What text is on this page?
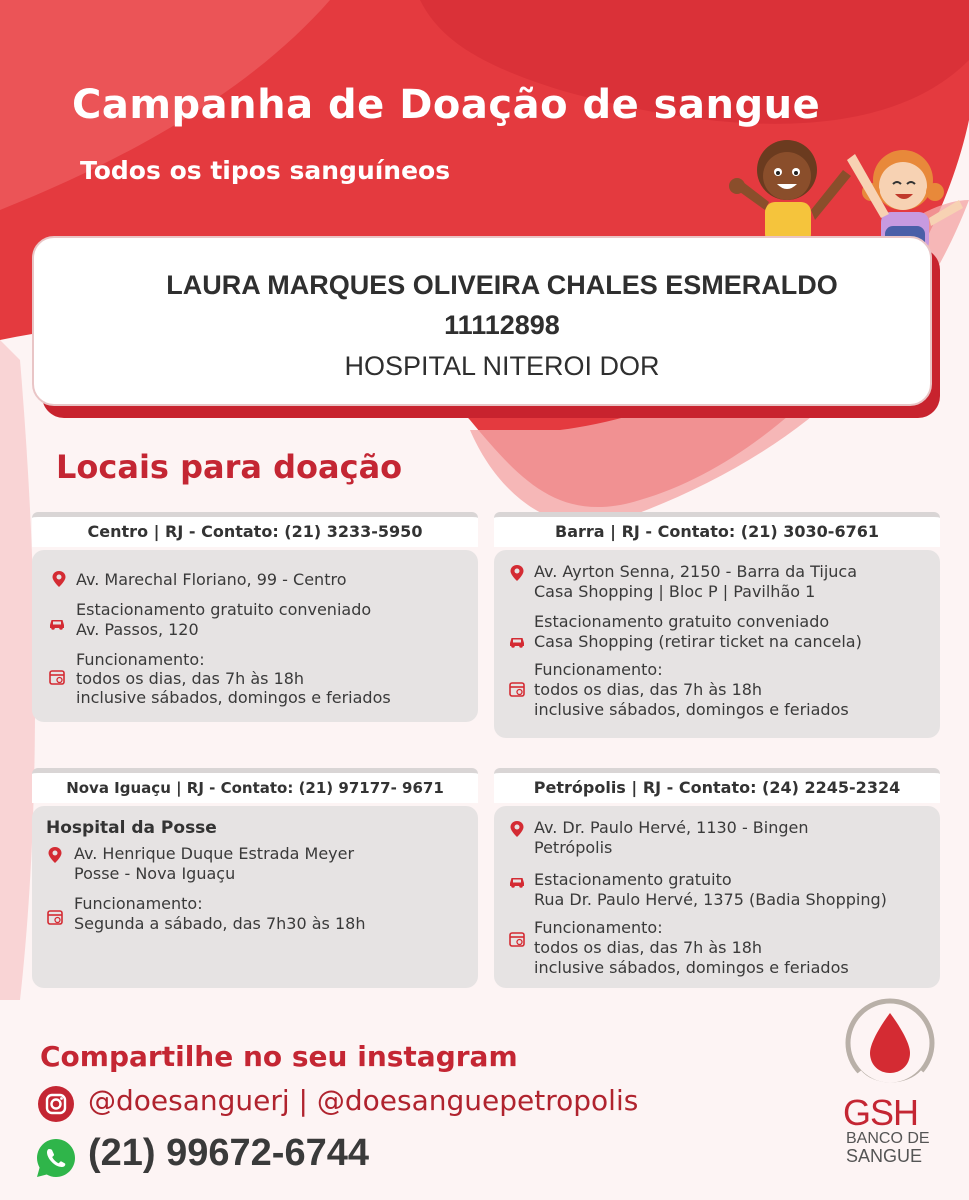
Campanha de Doação de sangue
Todos os tipos sanguíneos
LAURA MARQUES OLIVEIRA CHALES ESMERALDO
11112898
HOSPITAL NITEROI DOR
Locais para doação
Centro | RJ - Contato: (21) 3233-5950
Av. Marechal Floriano, 99 - Centro
Estacionamento gratuito conveniado
Av. Passos, 120
Funcionamento:
todos os dias, das 7h às 18h
inclusive sábados, domingos e feriados
Barra | RJ - Contato: (21) 3030-6761
Av. Ayrton Senna, 2150 - Barra da Tijuca
Casa Shopping | Bloc P | Pavilhão 1
Estacionamento gratuito conveniado
Casa Shopping (retirar ticket na cancela)
Funcionamento:
todos os dias, das 7h às 18h
inclusive sábados, domingos e feriados
Nova Iguaçu | RJ - Contato: (21) 97177- 9671
Hospital da Posse
Av. Henrique Duque Estrada Meyer
Posse - Nova Iguaçu
Funcionamento:
Segunda a sábado, das 7h30 às 18h
Petrópolis | RJ - Contato: (24) 2245-2324
Av. Dr. Paulo Hervé, 1130 - Bingen
Petrópolis
Estacionamento gratuito
Rua Dr. Paulo Hervé, 1375 (Badia Shopping)
Funcionamento:
todos os dias, das 7h às 18h
inclusive sábados, domingos e feriados
Compartilhe no seu instagram
@doesanguerj | @doesanguepetropolis
(21) 99672-6744
GSH
BANCO DE
SANGUE
